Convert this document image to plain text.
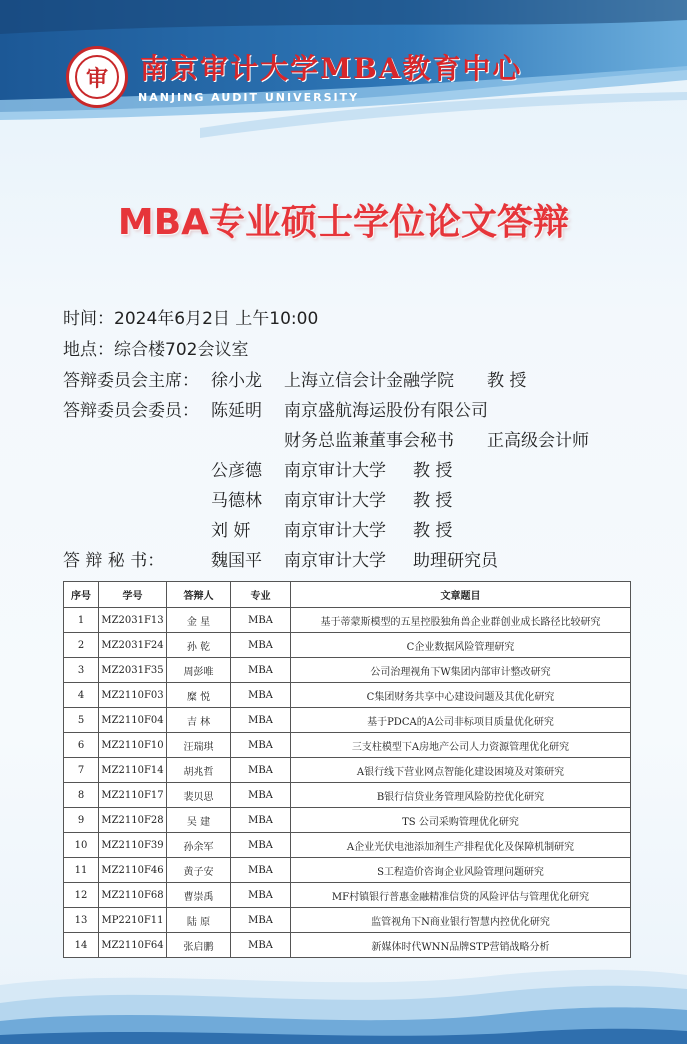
审	南京审计大学MBA教育中心
NANJING AUDIT UNIVERSITY
MBA专业硕士学位论文答辩
时间：2024年6月2日 上午10:00
地点：综合楼702会议室
答辩委员会主席： 徐小龙 上海立信会计金融学院 教 授
答辩委员会委员： 陈延明 南京盛航海运股份有限公司
财务总监兼董事会秘书 正高级会计师
公彦德 南京审计大学 教 授
马德林 南京审计大学 教 授
刘 妍 南京审计大学 教 授
答 辩 秘 书：	魏国平 南京审计大学 助理研究员
序号	学号	答辩人	专业	文章题目
1	MZ2031F13	金 星	MBA	基于蒂蒙斯模型的五星控股独角兽企业群创业成长路径比较研究
2	MZ2031F24	孙 乾	MBA	C企业数据风险管理研究
3	MZ2031F35	周彭唯	MBA	公司治理视角下W集团内部审计整改研究
4	MZ2110F03	糜 悦	MBA	C集团财务共享中心建设问题及其优化研究
5	MZ2110F04	吉 林	MBA	基于PDCA的A公司非标项目质量优化研究
6	MZ2110F10	汪瑞琪	MBA	三支柱模型下A房地产公司人力资源管理优化研究
7	MZ2110F14	胡兆哲	MBA	A银行线下营业网点智能化建设困境及对策研究
8	MZ2110F17	裴贝思	MBA	B银行信贷业务管理风险防控优化研究
9	MZ2110F28	吴 建	MBA	TS 公司采购管理优化研究
10	MZ2110F39	孙余军	MBA	A企业光伏电池添加剂生产排程优化及保障机制研究
11	MZ2110F46	黄子安	MBA	S工程造价咨询企业风险管理问题研究
12	MZ2110F68	曹崇禹	MBA	MF村镇银行普惠金融精准信贷的风险评估与管理优化研究
13	MP2210F11	陆 原	MBA	监管视角下N商业银行智慧内控优化研究
14	MZ2110F64	张启鹏	MBA	新媒体时代WNN品牌STP营销战略分析
